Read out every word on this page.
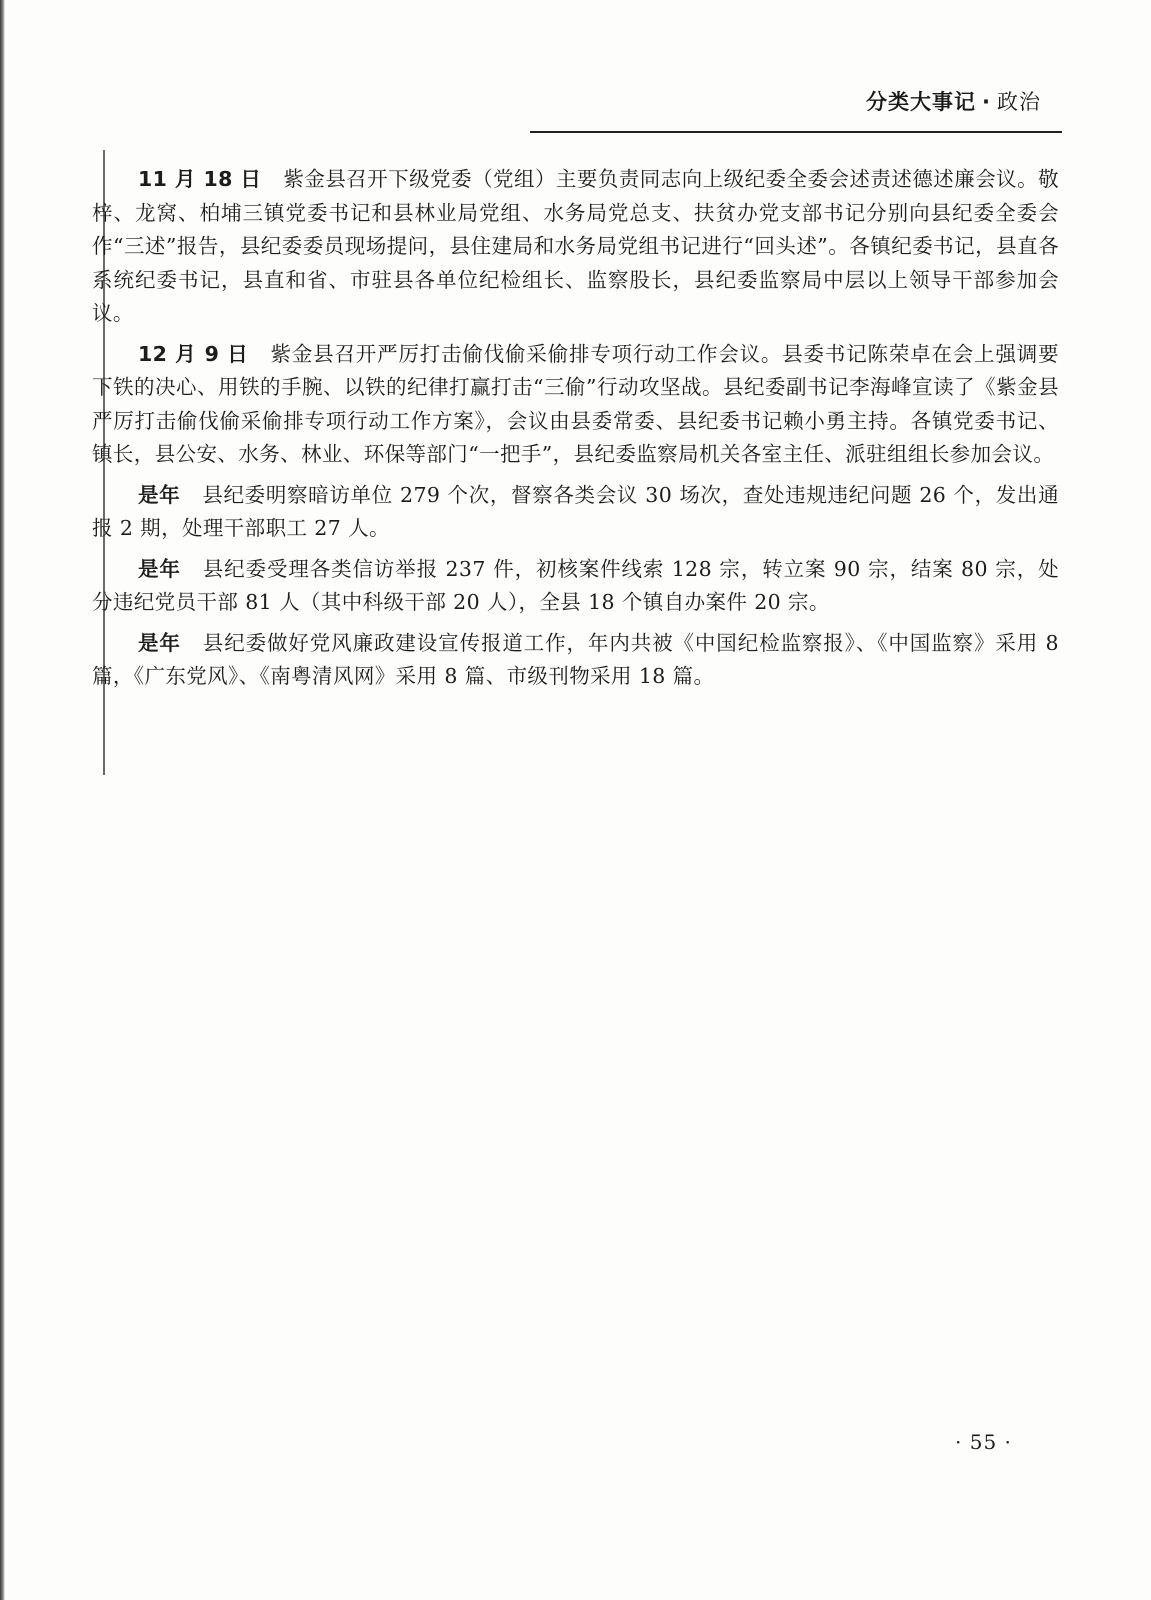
分类大事记 · 政治

11 月 18 日 紫金县召开下级党委（党组）主要负责同志向上级纪委全委会述责述德述廉会议。敬梓、龙窝、柏埔三镇党委书记和县林业局党组、水务局党总支、扶贫办党支部书记分别向县纪委全委会作“三述”报告，县纪委委员现场提问，县住建局和水务局党组书记进行“回头述”。各镇纪委书记，县直各系统纪委书记，县直和省、市驻县各单位纪检组长、监察股长，县纪委监察局中层以上领导干部参加会议。

12 月 9 日 紫金县召开严厉打击偷伐偷采偷排专项行动工作会议。县委书记陈荣卓在会上强调要下铁的决心、用铁的手腕、以铁的纪律打赢打击“三偷”行动攻坚战。县纪委副书记李海峰宣读了《紫金县严厉打击偷伐偷采偷排专项行动工作方案》，会议由县委常委、县纪委书记赖小勇主持。各镇党委书记、镇长，县公安、水务、林业、环保等部门“一把手”，县纪委监察局机关各室主任、派驻组组长参加会议。

是年 县纪委明察暗访单位 279 个次，督察各类会议 30 场次，查处违规违纪问题 26 个，发出通报 2 期，处理干部职工 27 人。

是年 县纪委受理各类信访举报 237 件，初核案件线索 128 宗，转立案 90 宗，结案 80 宗，处分违纪党员干部 81 人（其中科级干部 20 人），全县 18 个镇自办案件 20 宗。

是年 县纪委做好党风廉政建设宣传报道工作，年内共被《中国纪检监察报》、《中国监察》采用 8 篇，《广东党风》、《南粤清风网》采用 8 篇、市级刊物采用 18 篇。

· 55 ·
